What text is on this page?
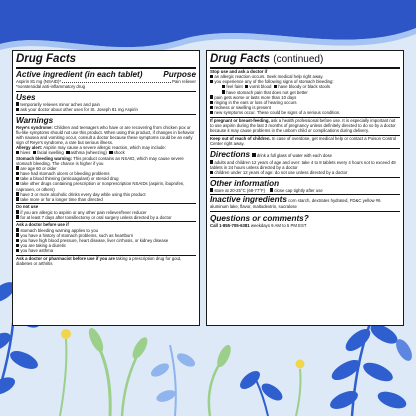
Drug Facts
Active ingredient (in each tablet)	Purpose
Aspirin 81 mg (NSAID)*	Pain reliever
*nonsteroidal anti-inflammatory drug
Uses
temporarily relieves minor aches and pain
ask your doctor about other uses for St. Joseph 81 mg Aspirin
Warnings
Reye's syndrome: Children and teenagers who have or are recovering from chicken pox or flu-like symptoms should not use this product. When using this product, if changes in behavior with nausea and vomiting occur, consult a doctor because these symptoms could be an early sign of Reye's syndrome, a rare but serious illness.
Allergy alert: Aspirin may cause a severe allergic reaction, which may include:
hives facial swelling asthma (wheezing) shock
Stomach bleeding warning: This product contains an NSAID, which may cause severe stomach bleeding. The chance is higher if you
are age 60 or older
have had stomach ulcers or bleeding problems
take a blood thinning (anticoagulant) or steroid drug
take other drugs containing prescription or nonprescription NSAIDs (aspirin, ibuprofen, naproxen, or others)
have 3 or more alcoholic drinks every day while using this product
take more or for a longer time than directed
Do not use
if you are allergic to aspirin or any other pain reliever/fever reducer
for at least 7 days after tonsillectomy or oral surgery unless directed by a doctor
Ask a doctor before use if
stomach bleeding warning applies to you
you have a history of stomach problems, such as heartburn
you have high blood pressure, heart disease, liver cirrhosis, or kidney disease
you are taking a diuretic
you have asthma
Ask a doctor or pharmacist before use if you are taking a prescription drug for gout, diabetes or arthritis
Drug Facts (continued)
Stop use and ask a doctor if
an allergic reaction occurs. Seek medical help right away.
you experience any of the following signs of stomach bleeding:
feel faint vomit blood have bloody or black stools
have stomach pain that does not get better
pain gets worse or lasts more than 10 days
ringing in the ears or loss of hearing occurs
redness or swelling is present
new symptoms occur. These could be signs of a serious condition.
If pregnant or breast-feeding, ask a health professional before use. It is especially important not to use aspirin during the last 3 months of pregnancy unless definitely directed to do so by a doctor because it may cause problems in the unborn child or complications during delivery.
Keep out of reach of children. In case of overdose, get medical help or contact a Poison Control Center right away.
Directions drink a full glass of water with each dose
adults and children 12 years of age and over: take 4 to 8 tablets every 4 hours not to exceed 48 tablets in 24 hours unless directed by a doctor
children under 12 years of age: do not use unless directed by a doctor
Other information
store at 20-25°C (68-77°F) close cap tightly after use
Inactive ingredients corn starch, dextrates hydrated, FD&C yellow #6 aluminum lake, flavor, maltodextrin, sucralose
Questions or comments?
Call 1-855-705-6381 weekdays 9 AM to 5 PM EST
